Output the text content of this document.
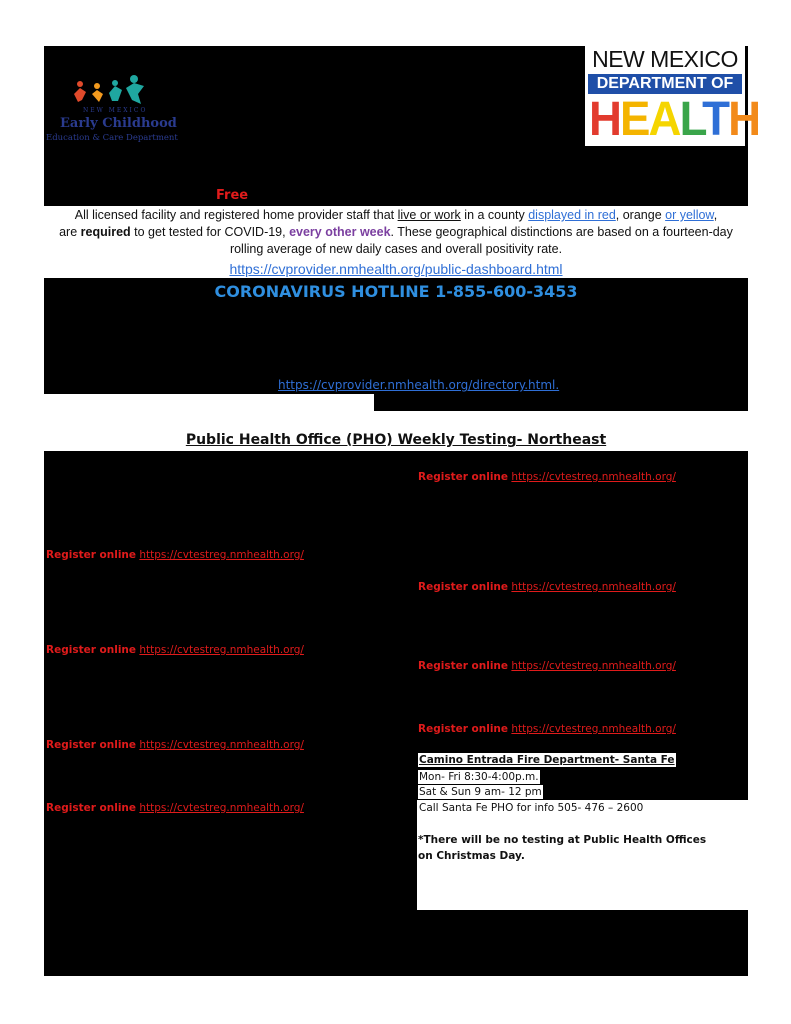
NEW MEXICO
Early Childhood
Education & Care Department
NEW MEXICO
DEPARTMENT OF
HEALTH
Free
All licensed facility and registered home provider staff that live or work in a county displayed in red, orange or yellow,
are required to get tested for COVID-19, every other week. These geographical distinctions are based on a fourteen-day rolling average of new daily cases and overall positivity rate.
https://cvprovider.nmhealth.org/public-dashboard.html
CORONAVIRUS HOTLINE 1-855-600-3453
https://cvprovider.nmhealth.org/directory.html.
Public Health Office (PHO) Weekly Testing- Northeast
Register online https://cvtestreg.nmhealth.org/
Register online https://cvtestreg.nmhealth.org/
Register online https://cvtestreg.nmhealth.org/
Register online https://cvtestreg.nmhealth.org/
Register online https://cvtestreg.nmhealth.org/
Register online https://cvtestreg.nmhealth.org/
Register online https://cvtestreg.nmhealth.org/
Register online https://cvtestreg.nmhealth.org/
Camino Entrada Fire Department- Santa Fe
Mon- Fri 8:30-4:00p.m.
Sat & Sun 9 am- 12 pm
Call Santa Fe PHO for info 505- 476 – 2600
*There will be no testing at Public Health Offices on Christmas Day.
